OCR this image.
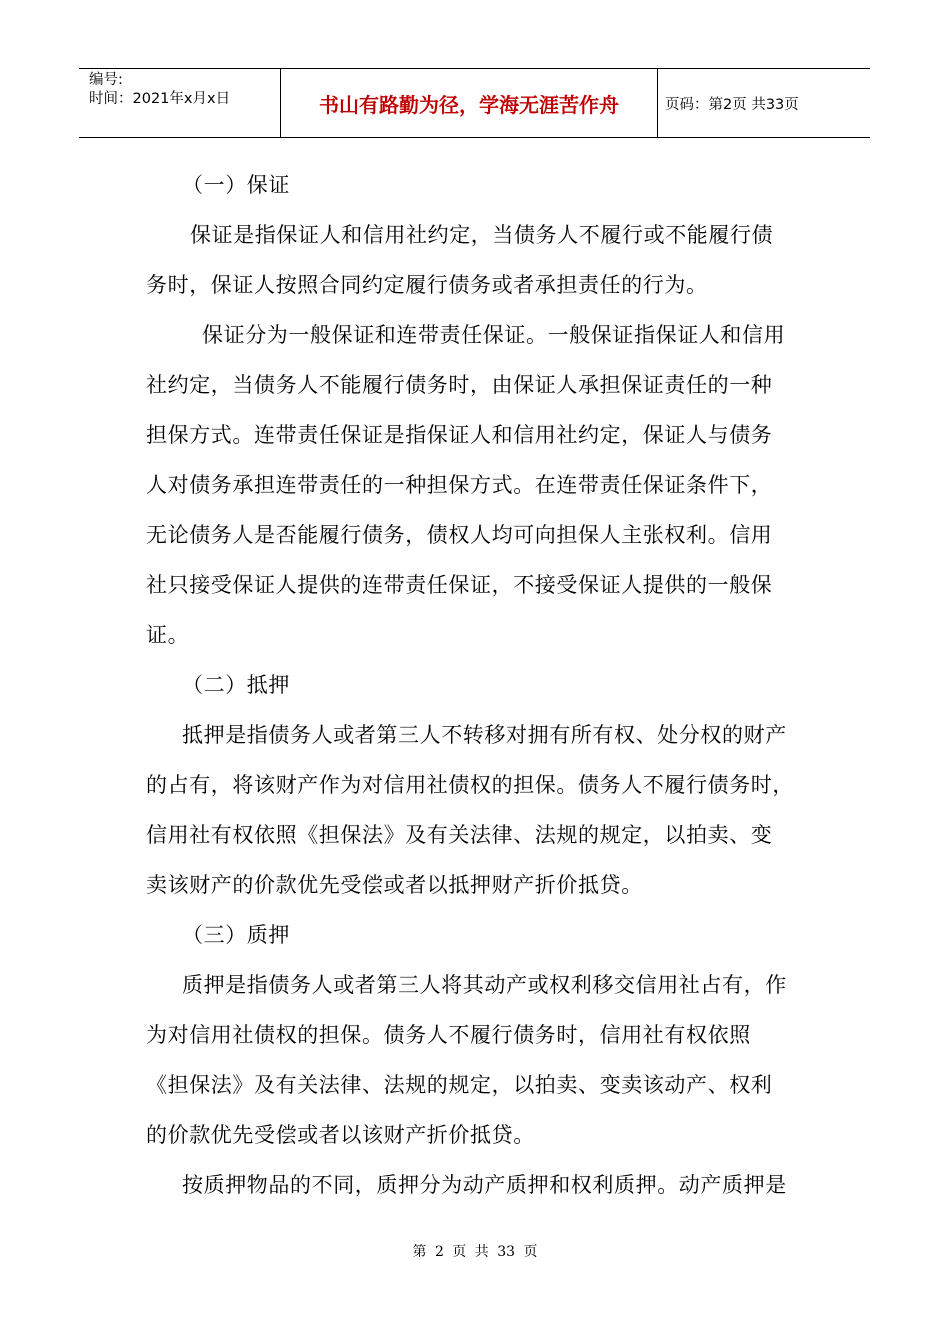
编号:
时间：2021年x月x日	书山有路勤为径，学海无涯苦作舟	页码：第2页 共33页
（一）保证
保证是指保证人和信用社约定，当债务人不履行或不能履行债
务时，保证人按照合同约定履行债务或者承担责任的行为。
保证分为一般保证和连带责任保证。一般保证指保证人和信用
社约定，当债务人不能履行债务时，由保证人承担保证责任的一种
担保方式。连带责任保证是指保证人和信用社约定，保证人与债务
人对债务承担连带责任的一种担保方式。在连带责任保证条件下，
无论债务人是否能履行债务，债权人均可向担保人主张权利。信用
社只接受保证人提供的连带责任保证，不接受保证人提供的一般保
证。
（二）抵押
抵押是指债务人或者第三人不转移对拥有所有权、处分权的财产
的占有，将该财产作为对信用社债权的担保。债务人不履行债务时，
信用社有权依照《担保法》及有关法律、法规的规定，以拍卖、变
卖该财产的价款优先受偿或者以抵押财产折价抵贷。
（三）质押
质押是指债务人或者第三人将其动产或权利移交信用社占有，作
为对信用社债权的担保。债务人不履行债务时，信用社有权依照
《担保法》及有关法律、法规的规定，以拍卖、变卖该动产、权利
的价款优先受偿或者以该财产折价抵贷。
按质押物品的不同，质押分为动产质押和权利质押。动产质押是
第 2 页 共 33 页
